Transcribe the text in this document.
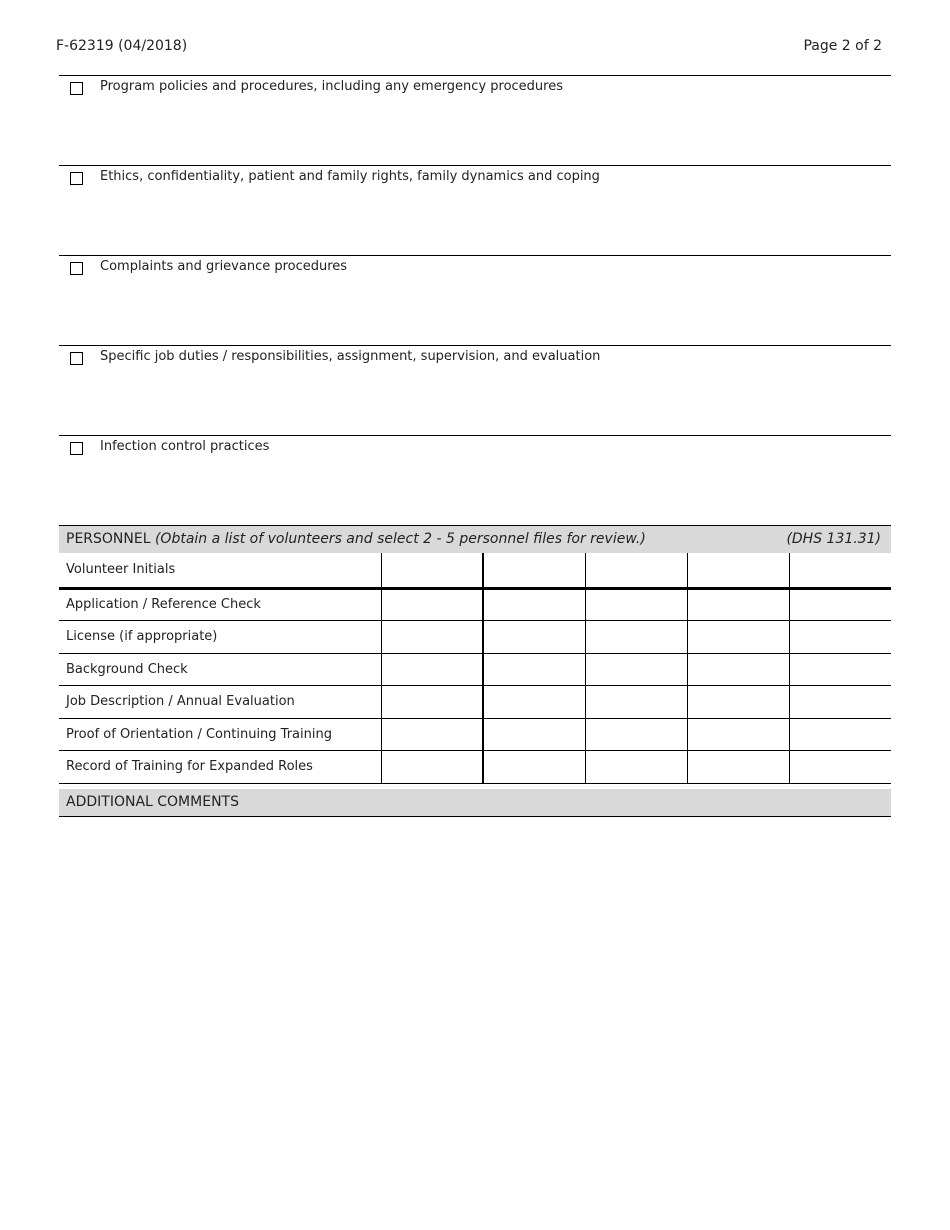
F-62319 (04/2018)	Page 2 of 2
Program policies and procedures, including any emergency procedures
Ethics, confidentiality, patient and family rights, family dynamics and coping
Complaints and grievance procedures
Specific job duties / responsibilities, assignment, supervision, and evaluation
Infection control practices
PERSONNEL (Obtain a list of volunteers and select 2 - 5 personnel files for review.)	(DHS 131.31)
Volunteer Initials	

Application / Reference Check	

License (if appropriate)	

Background Check	

Job Description / Annual Evaluation	

Proof of Orientation / Continuing Training	

Record of Training for Expanded Roles	

ADDITIONAL COMMENTS
